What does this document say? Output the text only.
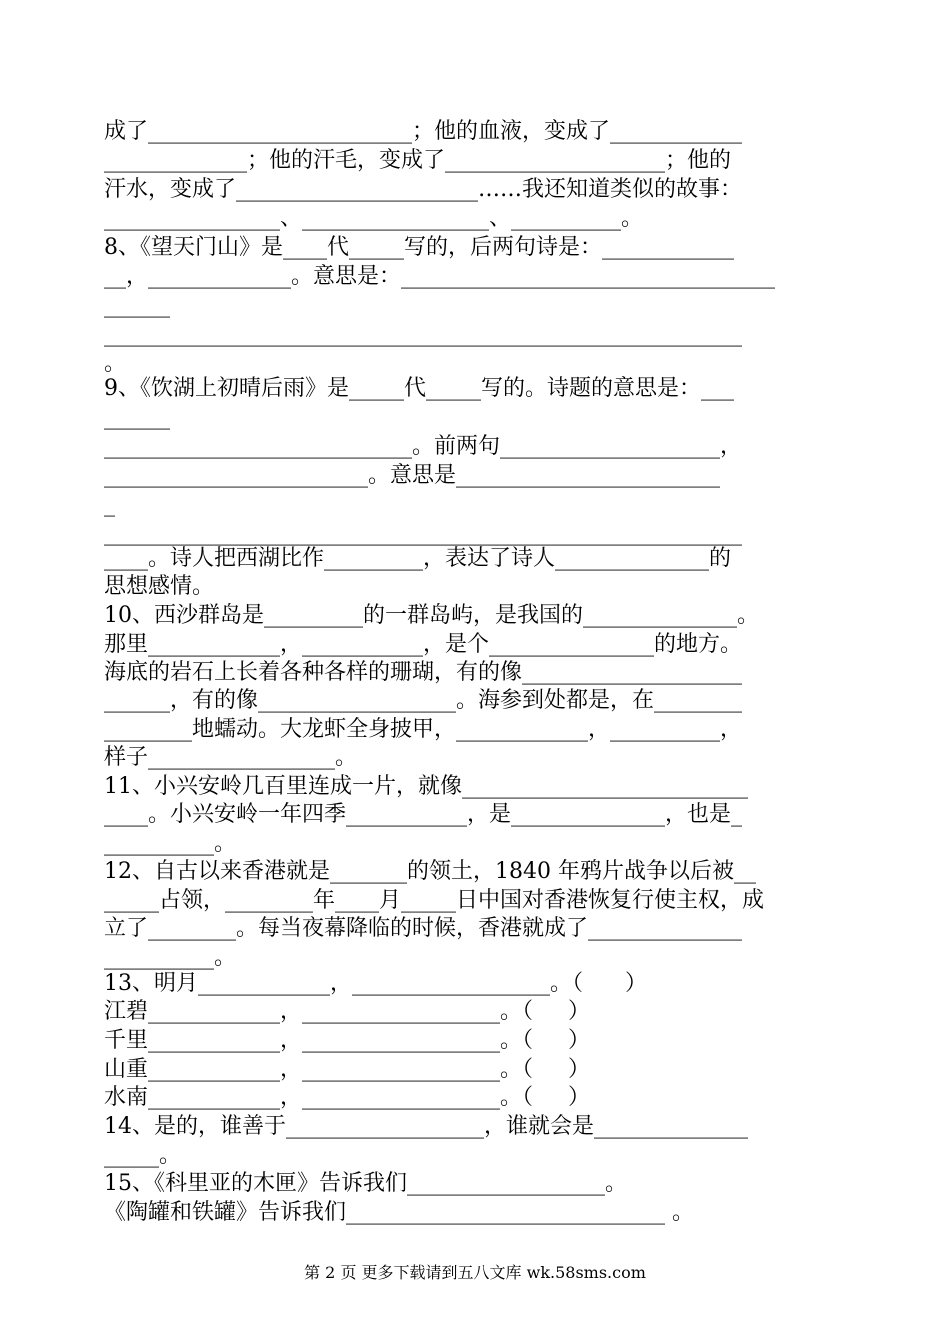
成了________________________；他的血液，变成了____________
_____________；他的汗毛，变成了____________________；他的
汗水，变成了______________________……我还知道类似的故事：
________________、_________________、__________。
8、《望天门山》是____代_____写的，后两句诗是：____________
__，_____________。意思是：__________________________________
______
__________________________________________________________
。
9、《饮湖上初晴后雨》是_____代_____写的。诗题的意思是：___
______
____________________________。前两句____________________，
________________________。意思是________________________
_
__________________________________________________________
____。诗人把西湖比作_________，表达了诗人______________的
思想感情。
10、西沙群岛是_________的一群岛屿，是我国的______________。
那里____________，___________，是个_______________的地方。
海底的岩石上长着各种各样的珊瑚，有的像____________________
______，有的像__________________。海参到处都是，在________
________地蠕动。大龙虾全身披甲，____________，__________，
样子_________________。
11、小兴安岭几百里连成一片，就像__________________________
____。小兴安岭一年四季___________，是______________，也是_
__________。
12、自古以来香港就是_______的领土，1840 年鸦片战争以后被__
_____占领，________年____月_____日中国对香港恢复行使主权，成
立了________。每当夜幕降临的时候，香港就成了______________
__________。
13、明月____________，__________________。（      ）
江碧____________，__________________。（     ）
千里____________，__________________。（     ）
山重____________，__________________。（     ）
水南____________，__________________。（     ）
14、是的，谁善于__________________，谁就会是______________
_____。
15、《科里亚的木匣》告诉我们__________________。
《陶罐和铁罐》告诉我们_____________________________ 。
第 2 页 更多下载请到五八文库 wk.58sms.com
